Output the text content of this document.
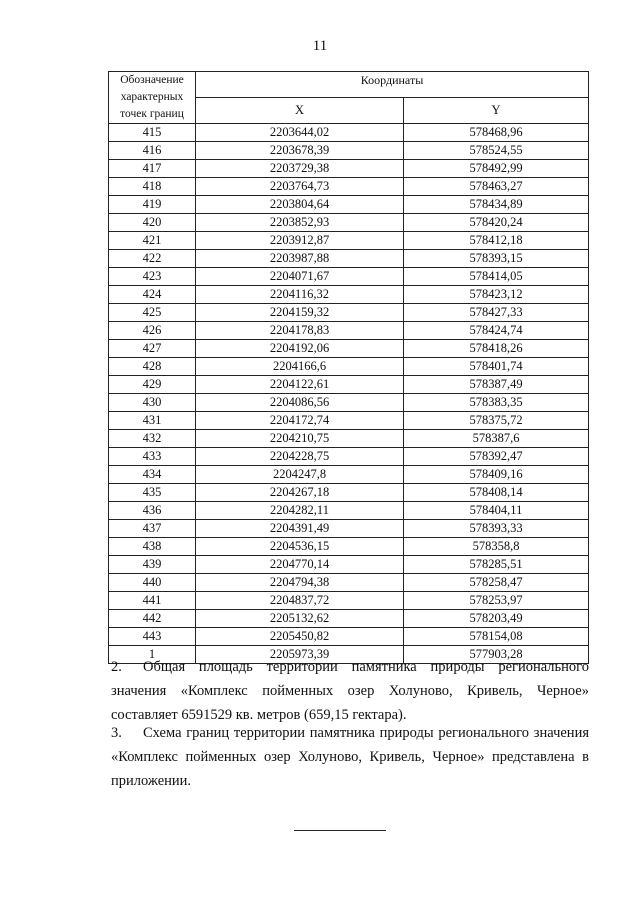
11
Обозначение характерных точек границ	Координаты	
	X	Y
415	2203644,02	578468,96
416	2203678,39	578524,55
417	2203729,38	578492,99
418	2203764,73	578463,27
419	2203804,64	578434,89
420	2203852,93	578420,24
421	2203912,87	578412,18
422	2203987,88	578393,15
423	2204071,67	578414,05
424	2204116,32	578423,12
425	2204159,32	578427,33
426	2204178,83	578424,74
427	2204192,06	578418,26
428	2204166,6	578401,74
429	2204122,61	578387,49
430	2204086,56	578383,35
431	2204172,74	578375,72
432	2204210,75	578387,6
433	2204228,75	578392,47
434	2204247,8	578409,16
435	2204267,18	578408,14
436	2204282,11	578404,11
437	2204391,49	578393,33
438	2204536,15	578358,8
439	2204770,14	578285,51
440	2204794,38	578258,47
441	2204837,72	578253,97
442	2205132,62	578203,49
443	2205450,82	578154,08
1	2205973,39	577903,28

2. Общая площадь территории памятника природы регионального значения «Комплекс пойменных озер Холуново, Кривель, Черное» составляет 6591529 кв. метров (659,15 гектара).

3. Схема границ территории памятника природы регионального значения «Комплекс пойменных озер Холуново, Кривель, Черное» представлена в приложении.
